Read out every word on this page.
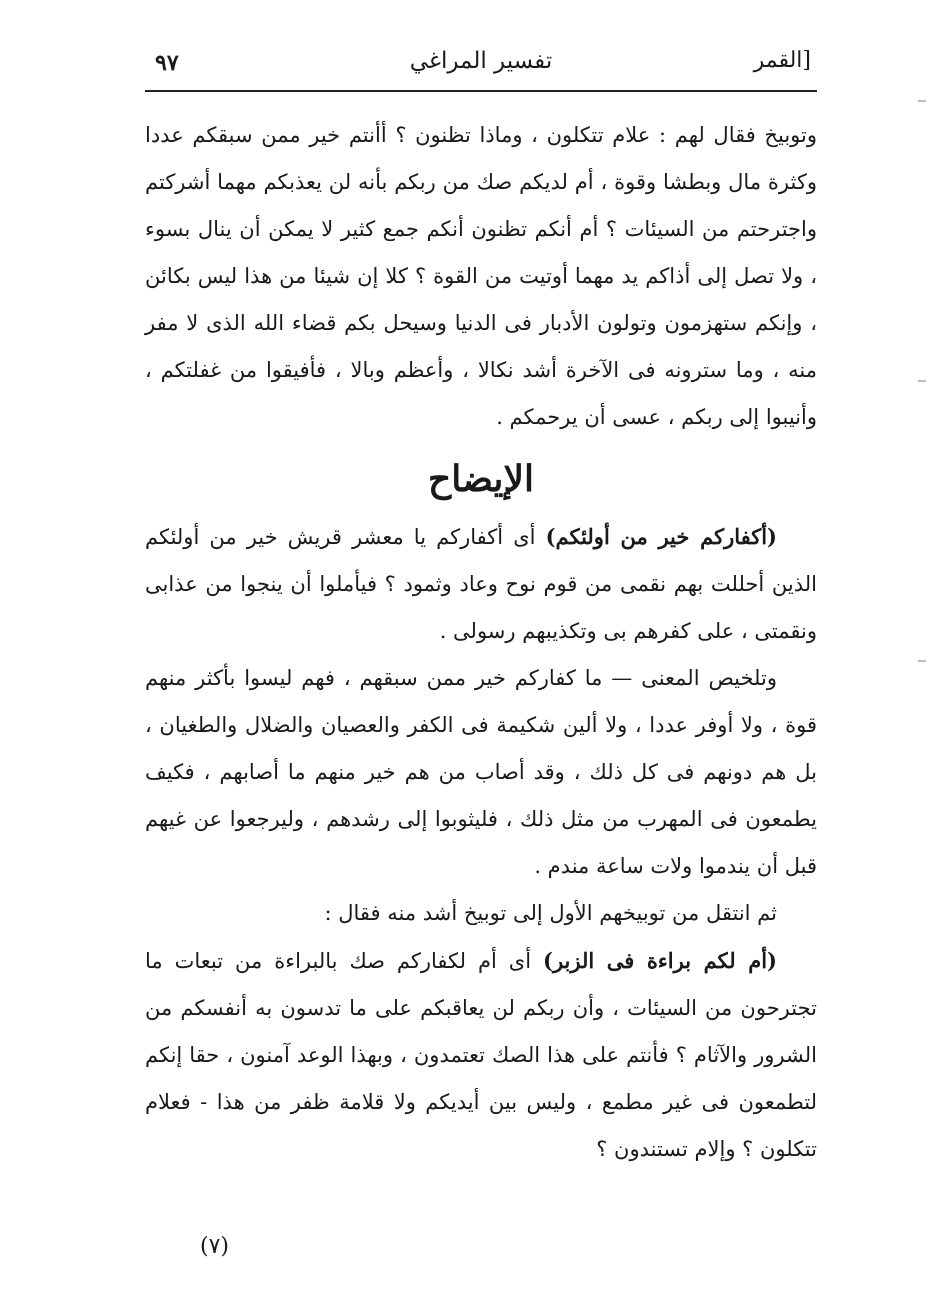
[القمر
تفسير المراغي
٩٧

وتوبيخ فقال لهم : علام تتكلون ، وماذا تظنون ؟ أأنتم خير ممن سبقكم عددا وكثرة مال وبطشا وقوة ، أم لديكم صك من ربكم بأنه لن يعذبكم مهما أشركتم واجترحتم من السيئات ؟ أم أنكم تظنون أنكم جمع كثير لا يمكن أن ينال بسوء ، ولا تصل إلى أذاكم يد مهما أوتيت من القوة ؟ كلا إن شيئا من هذا ليس بكائن ، وإنكم ستهزمون وتولون الأدبار فى الدنيا وسيحل بكم قضاء الله الذى لا مفر منه ، وما سترونه فى الآخرة أشد نكالا ، وأعظم وبالا ، فأفيقوا من غفلتكم ، وأنيبوا إلى ربكم ، عسى أن يرحمكم .

الإيضاح

(أكفاركم خير من أولئكم) أى أكفاركم يا معشر قريش خير من أولئكم الذين أحللت بهم نقمى من قوم نوح وعاد وثمود ؟ فيأملوا أن ينجوا من عذابى ونقمتى ، على كفرهم بى وتكذيبهم رسولى .

وتلخيص المعنى — ما كفاركم خير ممن سبقهم ، فهم ليسوا بأكثر منهم قوة ، ولا أوفر عددا ، ولا ألين شكيمة فى الكفر والعصيان والضلال والطغيان ، بل هم دونهم فى كل ذلك ، وقد أصاب من هم خير منهم ما أصابهم ، فكيف يطمعون فى المهرب من مثل ذلك ، فليثوبوا إلى رشدهم ، وليرجعوا عن غيهم قبل أن يندموا ولات ساعة مندم .

ثم انتقل من توبيخهم الأول إلى توبيخ أشد منه فقال :

(أم لكم براءة فى الزبر) أى أم لكفاركم صك بالبراءة من تبعات ما تجترحون من السيئات ، وأن ربكم لن يعاقبكم على ما تدسون به أنفسكم من الشرور والآثام ؟ فأنتم على هذا الصك تعتمدون ، وبهذا الوعد آمنون ، حقا إنكم لتطمعون فى غير مطمع ، وليس بين أيديكم ولا قلامة ظفر من هذا - فعلام تتكلون ؟ وإلام تستندون ؟

(٧)
